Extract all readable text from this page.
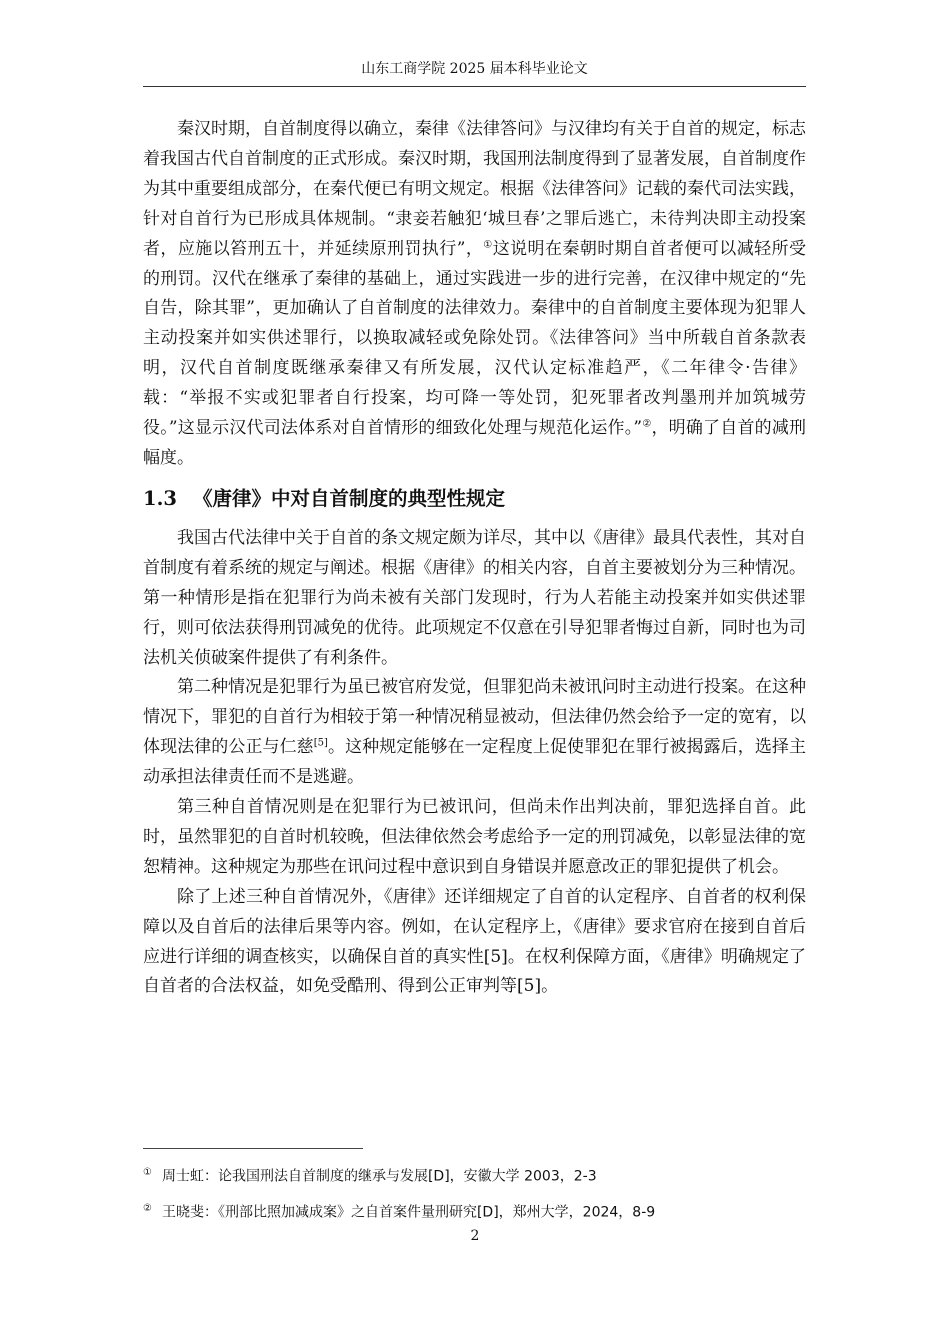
山东工商学院 2025 届本科毕业论文

秦汉时期，自首制度得以确立，秦律《法律答问》与汉律均有关于自首的规定，标志着我国古代自首制度的正式形成。秦汉时期，我国刑法制度得到了显著发展，自首制度作为其中重要组成部分，在秦代便已有明文规定。根据《法律答问》记载的秦代司法实践，针对自首行为已形成具体规制。“隶妾若触犯‘城旦春’之罪后逃亡，未待判决即主动投案者，应施以笞刑五十，并延续原刑罚执行”，①这说明在秦朝时期自首者便可以减轻所受的刑罚。汉代在继承了秦律的基础上，通过实践进一步的进行完善，在汉律中规定的“先自告，除其罪”，更加确认了自首制度的法律效力。秦律中的自首制度主要体现为犯罪人主动投案并如实供述罪行，以换取减轻或免除处罚。《法律答问》当中所载自首条款表明，汉代自首制度既继承秦律又有所发展，汉代认定标准趋严，《二年律令·告律》载：“举报不实或犯罪者自行投案，均可降一等处罚，犯死罪者改判墨刑并加筑城劳役。”这显示汉代司法体系对自首情形的细致化处理与规范化运作。”②，明确了自首的减刑幅度。

1.3 《唐律》中对自首制度的典型性规定

我国古代法律中关于自首的条文规定颇为详尽，其中以《唐律》最具代表性，其对自首制度有着系统的规定与阐述。根据《唐律》的相关内容，自首主要被划分为三种情况。第一种情形是指在犯罪行为尚未被有关部门发现时，行为人若能主动投案并如实供述罪行，则可依法获得刑罚减免的优待。此项规定不仅意在引导犯罪者悔过自新，同时也为司法机关侦破案件提供了有利条件。

第二种情况是犯罪行为虽已被官府发觉，但罪犯尚未被讯问时主动进行投案。在这种情况下，罪犯的自首行为相较于第一种情况稍显被动，但法律仍然会给予一定的宽宥，以体现法律的公正与仁慈[5]。这种规定能够在一定程度上促使罪犯在罪行被揭露后，选择主动承担法律责任而不是逃避。

第三种自首情况则是在犯罪行为已被讯问，但尚未作出判决前，罪犯选择自首。此时，虽然罪犯的自首时机较晚，但法律依然会考虑给予一定的刑罚减免，以彰显法律的宽恕精神。这种规定为那些在讯问过程中意识到自身错误并愿意改正的罪犯提供了机会。

除了上述三种自首情况外，《唐律》还详细规定了自首的认定程序、自首者的权利保障以及自首后的法律后果等内容。例如，在认定程序上，《唐律》要求官府在接到自首后应进行详细的调查核实，以确保自首的真实性[5]。在权利保障方面，《唐律》明确规定了自首者的合法权益，如免受酷刑、得到公正审判等[5]。

① 周士虹：论我国刑法自首制度的继承与发展[D]，安徽大学 2003，2-3
② 王晓斐：《刑部比照加减成案》之自首案件量刑研究[D]，郑州大学，2024，8-9
2
